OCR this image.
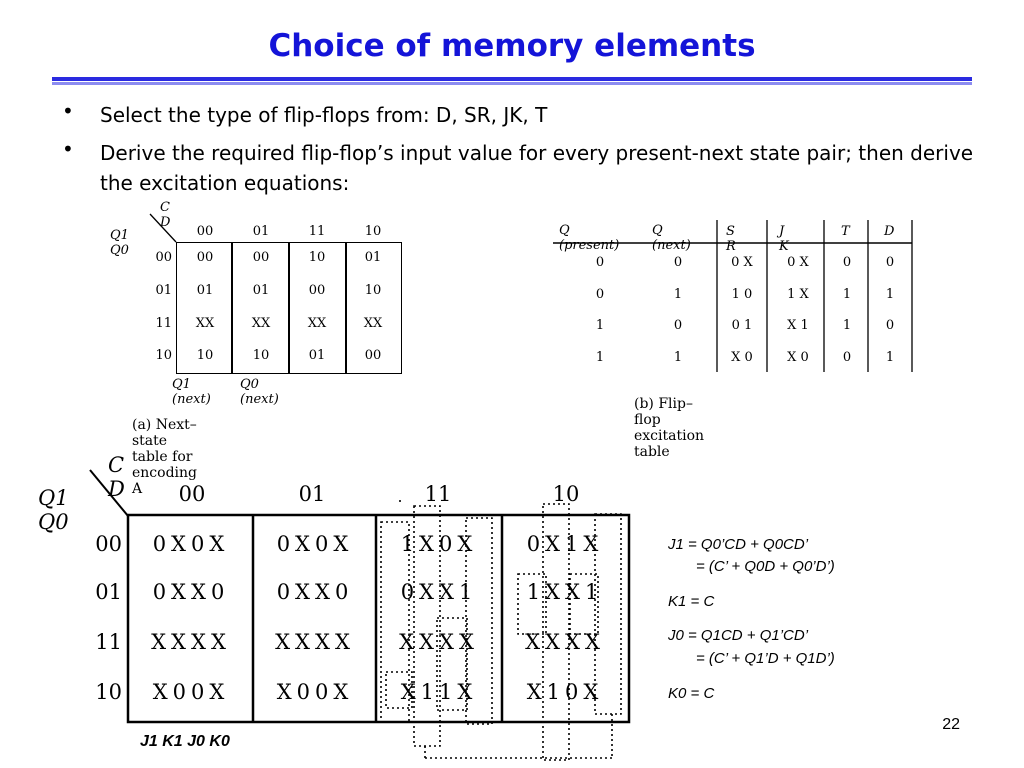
Choice of memory elements
• Select the type of flip-flops from: D, SR, JK, T
• Derive the required flip-flop’s input value for every present-next state pair; then derive the excitation equations:
C D
Q1 Q0
00	01	11	10
00
01
11
10
00	00	10	01
01	01	00	10
XX	XX	XX	XX
10	10	01	00
Q1 (next)
Q0 (next)
(a) Next–state table for encoding A
Q (present)
Q (next)
S R
J K
T	D
0	0	0 X	0 X	0	0
0	1	1 0	1 X	1	1
1	0	0 1	X 1	1	0
1	1	X 0	X 0	0	1
(b) Flip–flop excitation table
C D
Q1 Q0
00	01	11	10
00
01
11
10
0X0X	0X0X	1X0X	0X1X
0XX0	0XX0	0XX1	1XX1
XXXX	XXXX	XXXX	XXXX
X00X	X00X	X11X	X10X
J1 K1 J0 K0
J1 = Q0’CD + Q0CD’
= (C’ + Q0D + Q0’D’)
K1 = C
J0 = Q1CD + Q1’CD’
= (C’ + Q1’D + Q1D’)
K0 = C
22
